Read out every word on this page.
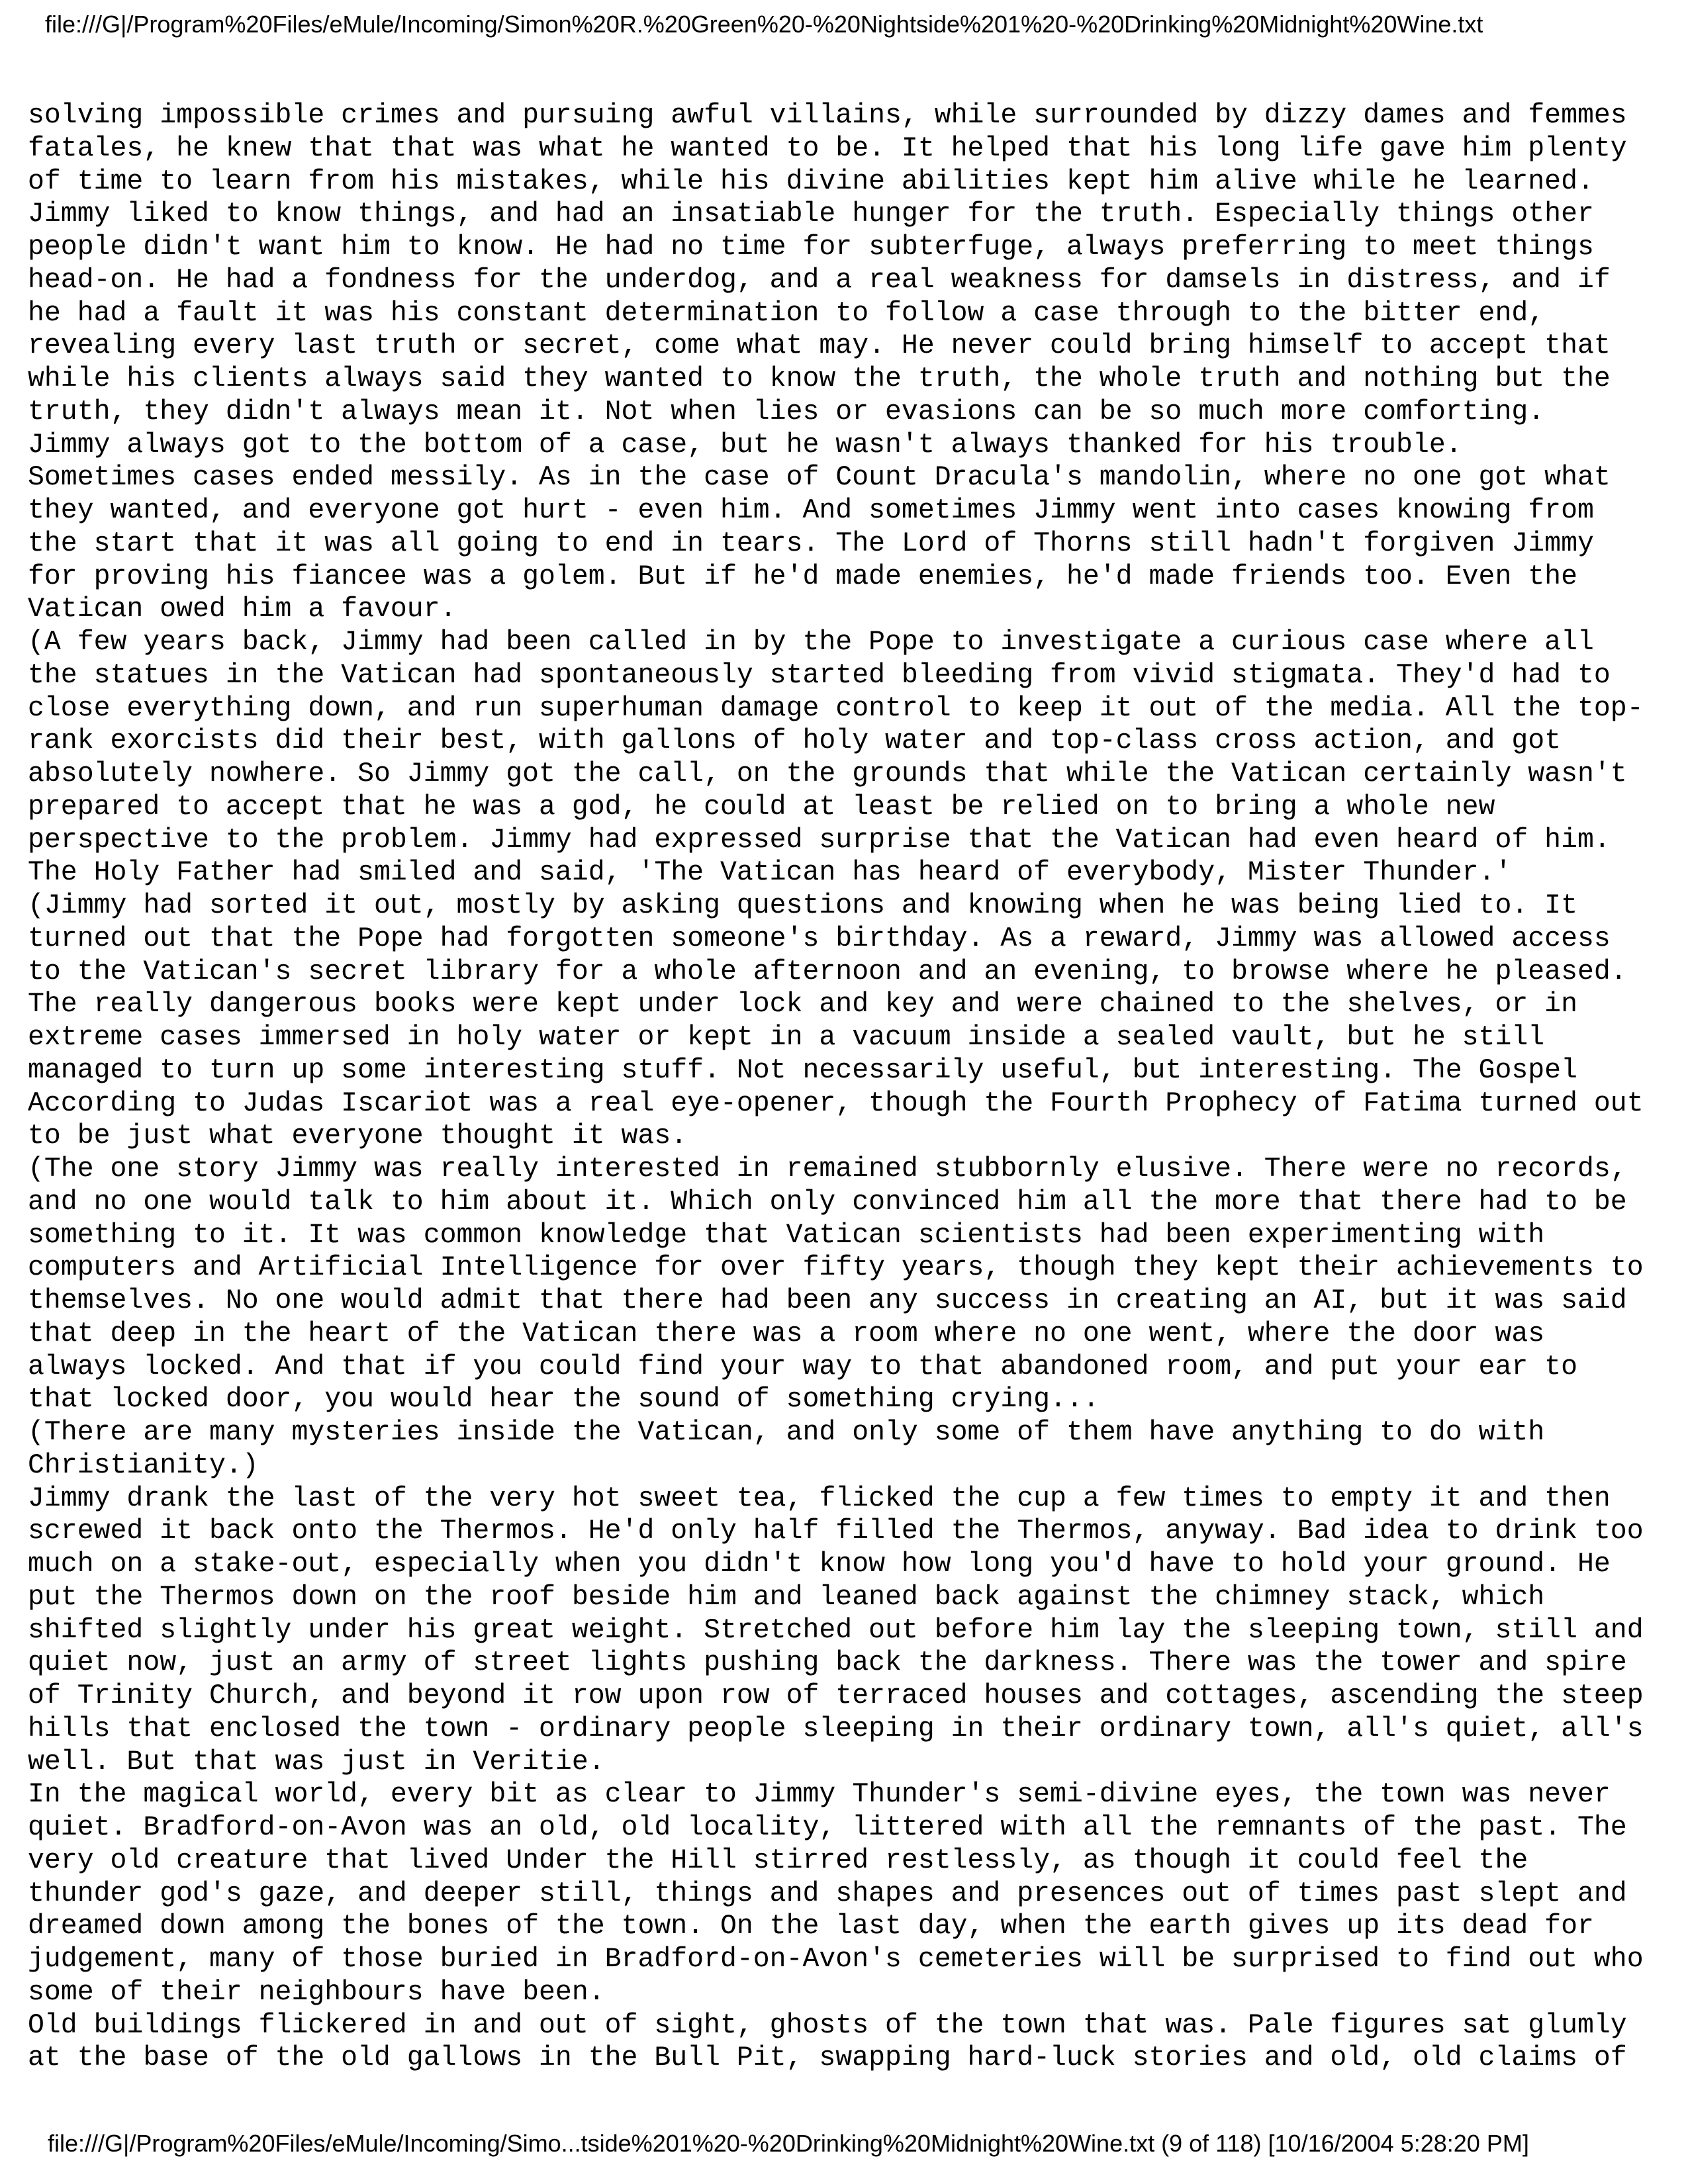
file:///G|/Program%20Files/eMule/Incoming/Simon%20R.%20Green%20-%20Nightside%201%20-%20Drinking%20Midnight%20Wine.txt
solving impossible crimes and pursuing awful villains, while surrounded by dizzy dames and femmes
fatales, he knew that that was what he wanted to be. It helped that his long life gave him plenty
of time to learn from his mistakes, while his divine abilities kept him alive while he learned.
Jimmy liked to know things, and had an insatiable hunger for the truth. Especially things other
people didn't want him to know. He had no time for subterfuge, always preferring to meet things
head-on. He had a fondness for the underdog, and a real weakness for damsels in distress, and if
he had a fault it was his constant determination to follow a case through to the bitter end,
revealing every last truth or secret, come what may. He never could bring himself to accept that
while his clients always said they wanted to know the truth, the whole truth and nothing but the
truth, they didn't always mean it. Not when lies or evasions can be so much more comforting.
Jimmy always got to the bottom of a case, but he wasn't always thanked for his trouble.
Sometimes cases ended messily. As in the case of Count Dracula's mandolin, where no one got what
they wanted, and everyone got hurt - even him. And sometimes Jimmy went into cases knowing from
the start that it was all going to end in tears. The Lord of Thorns still hadn't forgiven Jimmy
for proving his fiancee was a golem. But if he'd made enemies, he'd made friends too. Even the
Vatican owed him a favour.
(A few years back, Jimmy had been called in by the Pope to investigate a curious case where all
the statues in the Vatican had spontaneously started bleeding from vivid stigmata. They'd had to
close everything down, and run superhuman damage control to keep it out of the media. All the top-
rank exorcists did their best, with gallons of holy water and top-class cross action, and got
absolutely nowhere. So Jimmy got the call, on the grounds that while the Vatican certainly wasn't
prepared to accept that he was a god, he could at least be relied on to bring a whole new
perspective to the problem. Jimmy had expressed surprise that the Vatican had even heard of him.
The Holy Father had smiled and said, 'The Vatican has heard of everybody, Mister Thunder.'
(Jimmy had sorted it out, mostly by asking questions and knowing when he was being lied to. It
turned out that the Pope had forgotten someone's birthday. As a reward, Jimmy was allowed access
to the Vatican's secret library for a whole afternoon and an evening, to browse where he pleased.
The really dangerous books were kept under lock and key and were chained to the shelves, or in
extreme cases immersed in holy water or kept in a vacuum inside a sealed vault, but he still
managed to turn up some interesting stuff. Not necessarily useful, but interesting. The Gospel
According to Judas Iscariot was a real eye-opener, though the Fourth Prophecy of Fatima turned out
to be just what everyone thought it was.
(The one story Jimmy was really interested in remained stubbornly elusive. There were no records,
and no one would talk to him about it. Which only convinced him all the more that there had to be
something to it. It was common knowledge that Vatican scientists had been experimenting with
computers and Artificial Intelligence for over fifty years, though they kept their achievements to
themselves. No one would admit that there had been any success in creating an AI, but it was said
that deep in the heart of the Vatican there was a room where no one went, where the door was
always locked. And that if you could find your way to that abandoned room, and put your ear to
that locked door, you would hear the sound of something crying...
(There are many mysteries inside the Vatican, and only some of them have anything to do with
Christianity.)
Jimmy drank the last of the very hot sweet tea, flicked the cup a few times to empty it and then
screwed it back onto the Thermos. He'd only half filled the Thermos, anyway. Bad idea to drink too
much on a stake-out, especially when you didn't know how long you'd have to hold your ground. He
put the Thermos down on the roof beside him and leaned back against the chimney stack, which
shifted slightly under his great weight. Stretched out before him lay the sleeping town, still and
quiet now, just an army of street lights pushing back the darkness. There was the tower and spire
of Trinity Church, and beyond it row upon row of terraced houses and cottages, ascending the steep
hills that enclosed the town - ordinary people sleeping in their ordinary town, all's quiet, all's
well. But that was just in Veritie.
In the magical world, every bit as clear to Jimmy Thunder's semi-divine eyes, the town was never
quiet. Bradford-on-Avon was an old, old locality, littered with all the remnants of the past. The
very old creature that lived Under the Hill stirred restlessly, as though it could feel the
thunder god's gaze, and deeper still, things and shapes and presences out of times past slept and
dreamed down among the bones of the town. On the last day, when the earth gives up its dead for
judgement, many of those buried in Bradford-on-Avon's cemeteries will be surprised to find out who
some of their neighbours have been.
Old buildings flickered in and out of sight, ghosts of the town that was. Pale figures sat glumly
at the base of the old gallows in the Bull Pit, swapping hard-luck stories and old, old claims of
file:///G|/Program%20Files/eMule/Incoming/Simo...tside%201%20-%20Drinking%20Midnight%20Wine.txt (9 of 118) [10/16/2004 5:28:20 PM]
